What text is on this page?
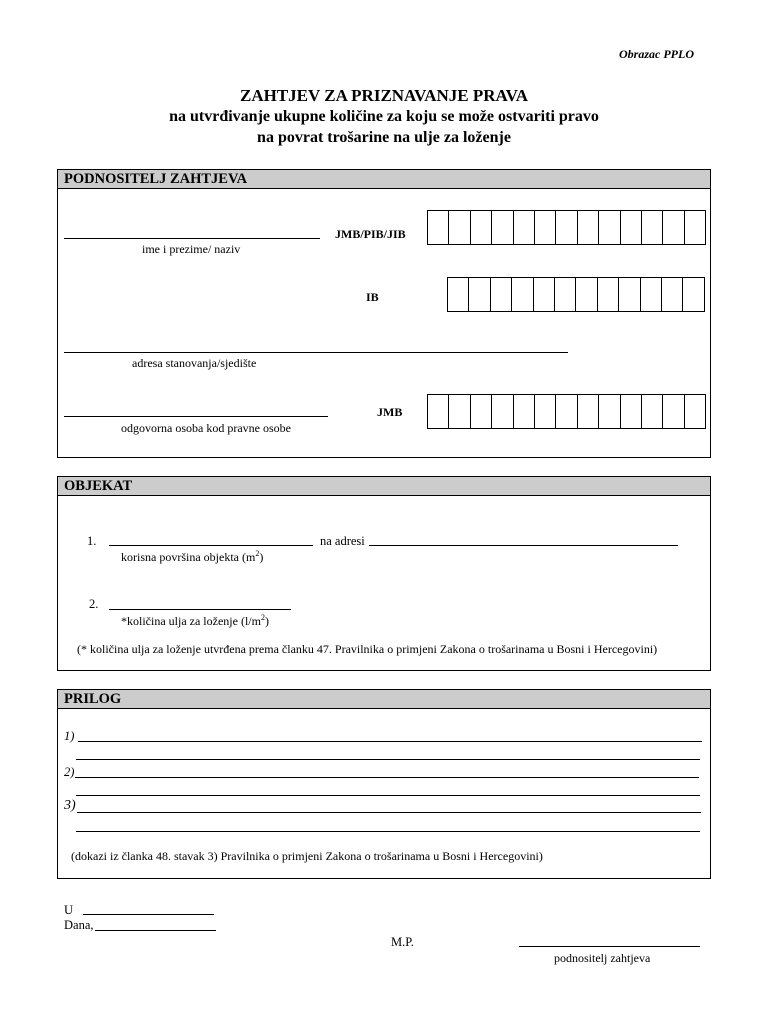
Obrazac PPLO
ZAHTJEV ZA PRIZNAVANJE PRAVA
na utvrđivanje ukupne količine za koju se može ostvariti pravo
na povrat trošarine na ulje za loženje
PODNOSITELJ ZAHTJEVA
ime i prezime/ naziv
JMB/PIB/JIB
IB
adresa stanovanja/sjedište
odgovorna osoba kod pravne osobe
JMB
OBJEKAT
1.	na adresi
korisna površina objekta $(m^2)$
2.
*količina ulja za loženje $(l/m^2)$
(* količina ulja za loženje utvrđena prema članku 47. Pravilnika o primjeni Zakona o trošarinama u Bosni i Hercegovini)
PRILOG
1)
2)
3)
(dokazi iz članka 48. stavak 3) Pravilnika o primjeni Zakona o trošarinama u Bosni i Hercegovini)
U
Dana,
M.P.
podnositelj zahtjeva
